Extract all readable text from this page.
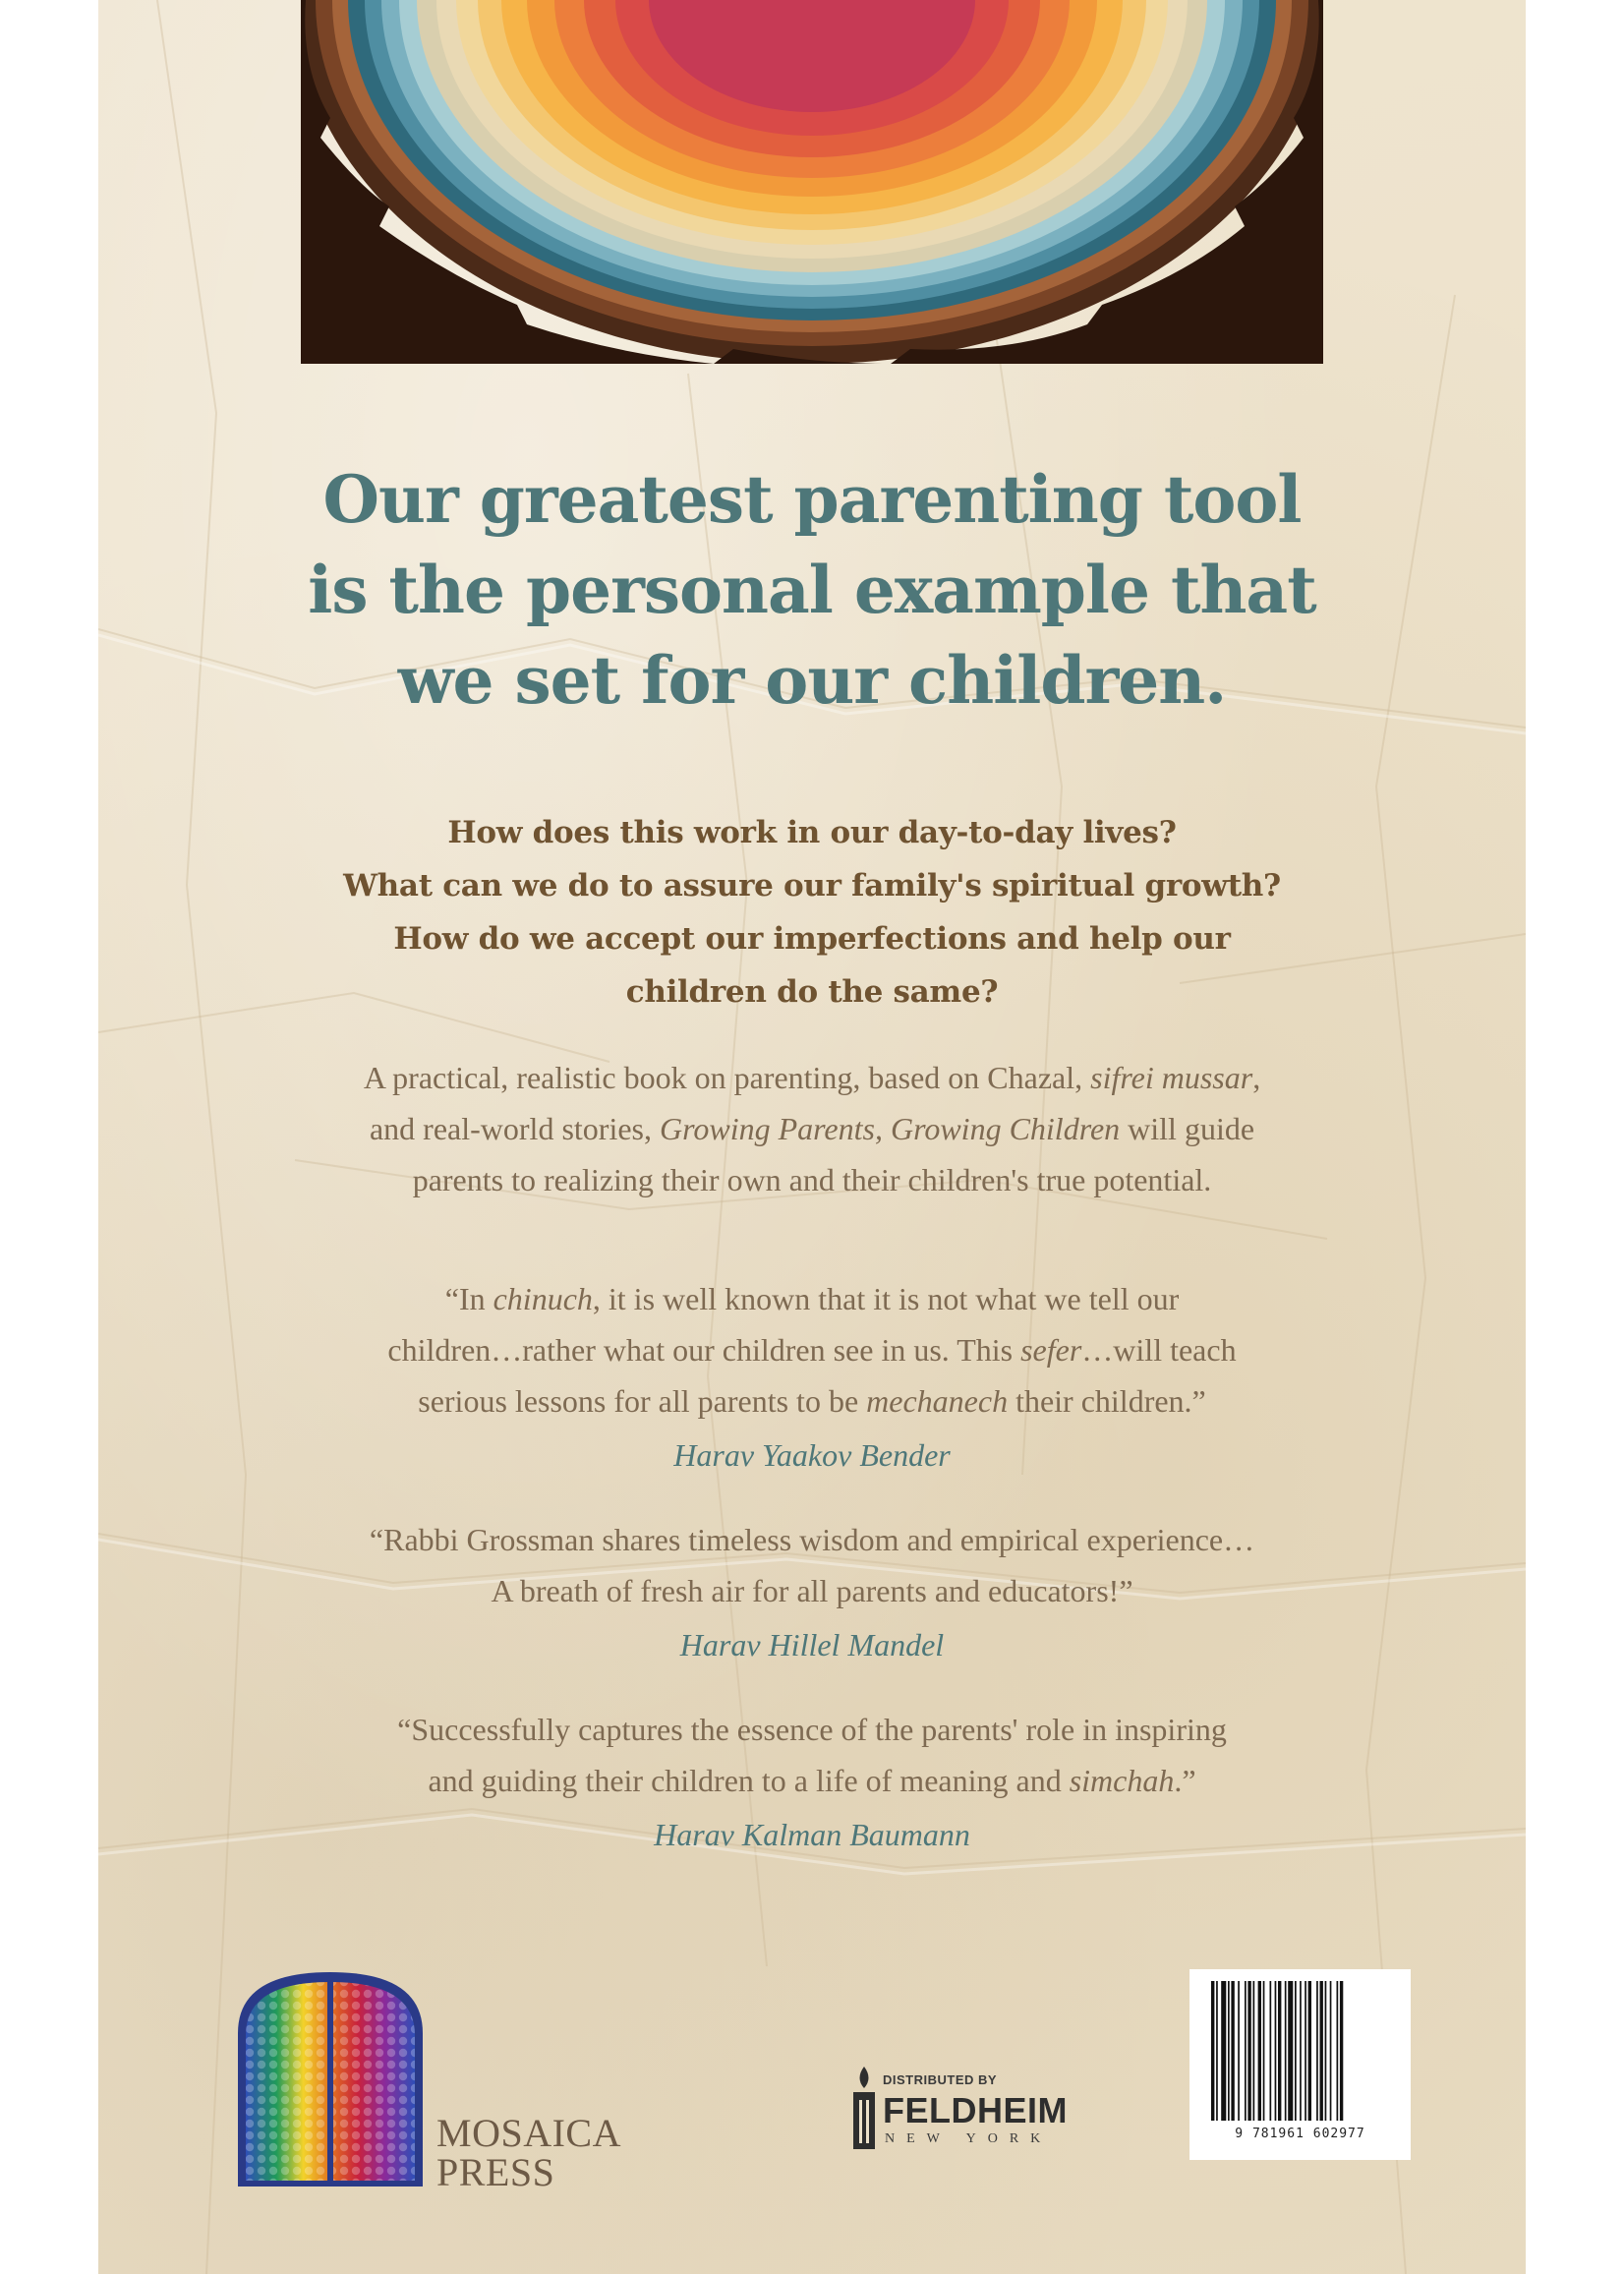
Our greatest parenting tool
is the personal example that
we set for our children.
How does this work in our day-to-day lives?
What can we do to assure our family's spiritual growth?
How do we accept our imperfections and help our
children do the same?
A practical, realistic book on parenting, based on Chazal, sifrei mussar,
and real-world stories, Growing Parents, Growing Children will guide
parents to realizing their own and their children's true potential.
“In chinuch, it is well known that it is not what we tell our
children…rather what our children see in us. This sefer…will teach
serious lessons for all parents to be mechanech their children.”
Harav Yaakov Bender
“Rabbi Grossman shares timeless wisdom and empirical experience…
A breath of fresh air for all parents and educators!”
Harav Hillel Mandel
“Successfully captures the essence of the parents' role in inspiring
and guiding their children to a life of meaning and simchah.”
Harav Kalman Baumann
MOSAICA
PRESS
DISTRIBUTED BY
FELDHEIM
NEW YORK	9 781961 602977
